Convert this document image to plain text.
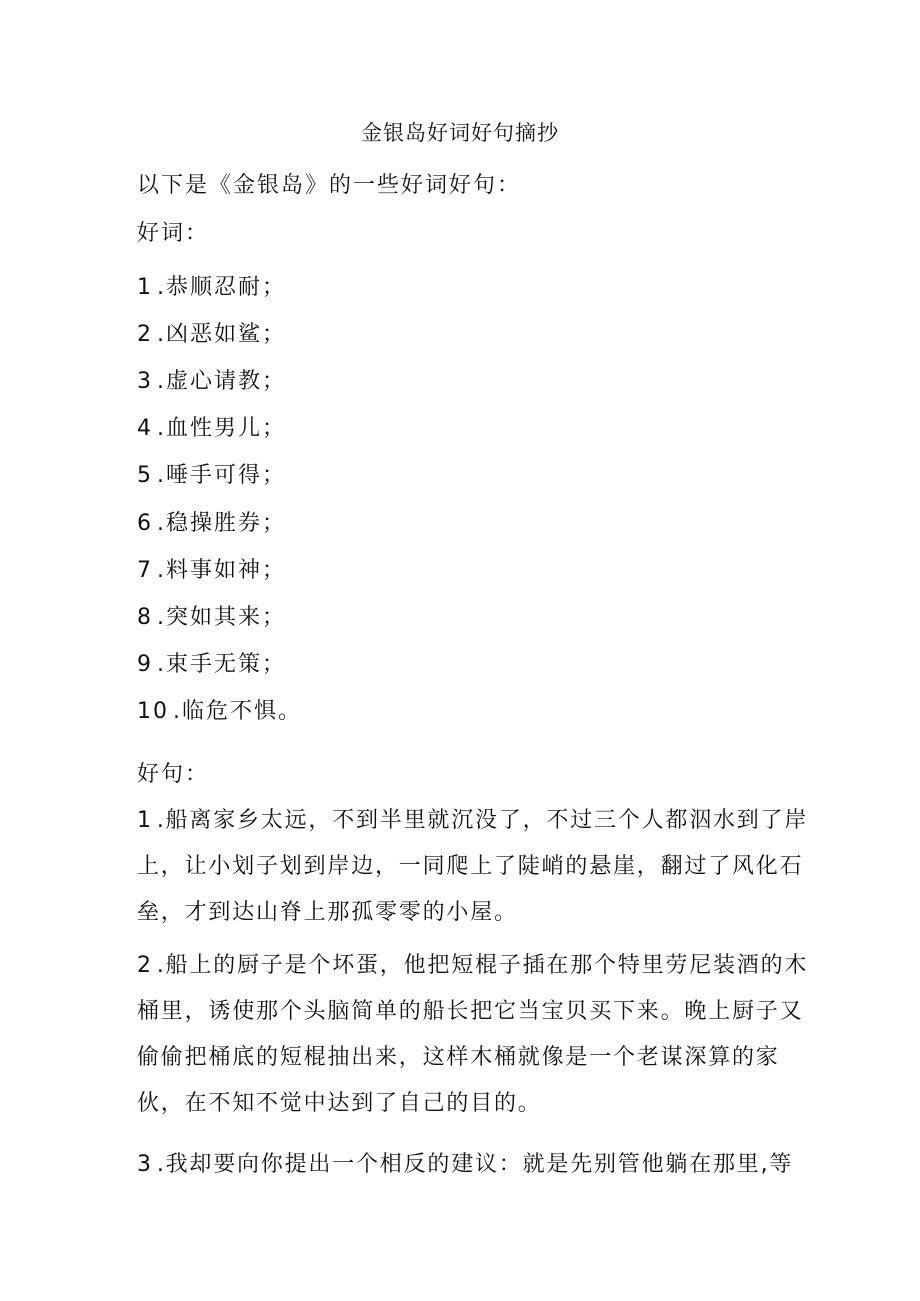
金银岛好词好句摘抄
以下是《金银岛》的一些好词好句：
好词：
1 .恭顺忍耐；
2 .凶恶如鲨；
3 .虚心请教；
4 .血性男儿；
5 .唾手可得；
6 .稳操胜券；
7 .料事如神；
8 .突如其来；
9 .束手无策；
10 .临危不惧。
好句：
1 .船离家乡太远，不到半里就沉没了，不过三个人都泅水到了岸上，让小划子划到岸边，一同爬上了陡峭的悬崖，翻过了风化石垒，才到达山脊上那孤零零的小屋。
2 .船上的厨子是个坏蛋，他把短棍子插在那个特里劳尼装酒的木桶里，诱使那个头脑简单的船长把它当宝贝买下来。晚上厨子又偷偷把桶底的短棍抽出来，这样木桶就像是一个老谋深算的家伙，在不知不觉中达到了自己的目的。
3 .我却要向你提出一个相反的建议：就是先别管他躺在那里,等
